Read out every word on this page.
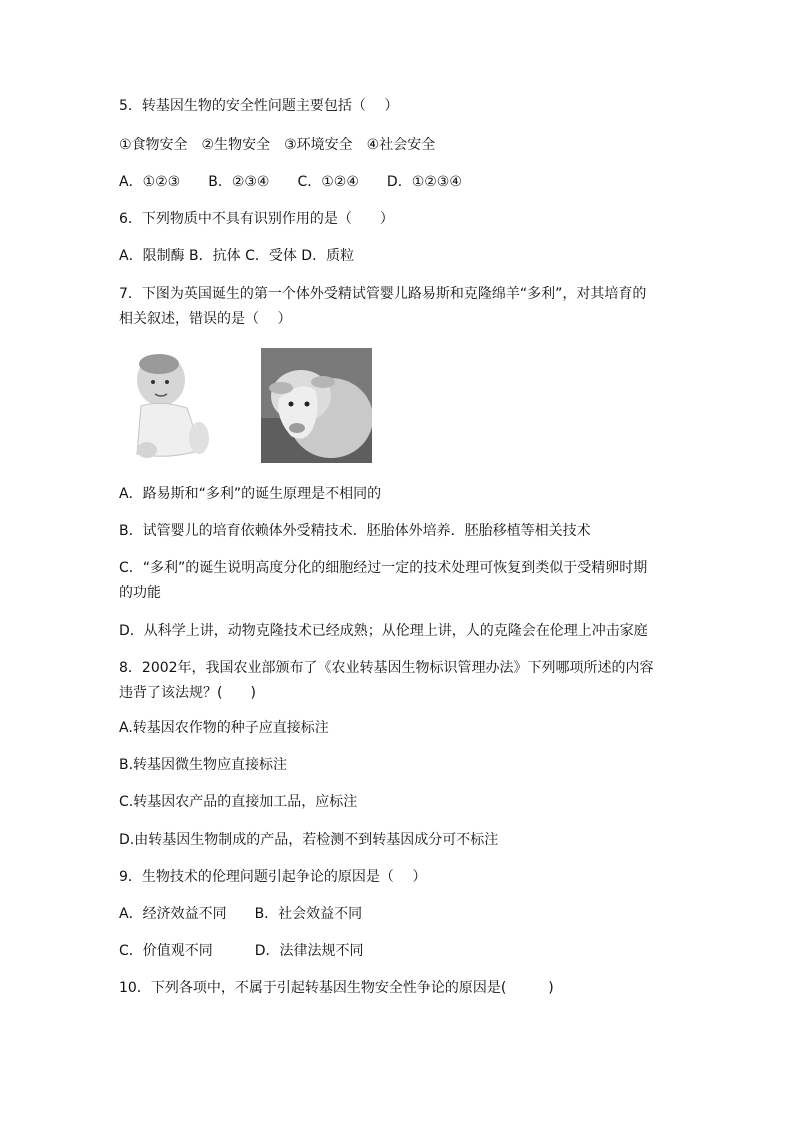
5．转基因生物的安全性问题主要包括（　 ）
①食物安全　②生物安全　③环境安全　④社会安全
A．①②③　　B．②③④　　C．①②④　　D．①②③④
6．下列物质中不具有识别作用的是（　　）
A．限制酶 B．抗体 C．受体 D．质粒
7．下图为英国诞生的第一个体外受精试管婴儿路易斯和克隆绵羊“多利”，对其培育的
相关叙述，错误的是（　 ）
A．路易斯和“多利”的诞生原理是不相同的
B．试管婴儿的培育依赖体外受精技术．胚胎体外培养．胚胎移植等相关技术
C．“多利”的诞生说明高度分化的细胞经过一定的技术处理可恢复到类似于受精卵时期
的功能
D．从科学上讲，动物克隆技术已经成熟；从伦理上讲，人的克隆会在伦理上冲击家庭
8．2002年，我国农业部颁布了《农业转基因生物标识管理办法》下列哪项所述的内容
违背了该法规？(　　)
A.转基因农作物的种子应直接标注
B.转基因微生物应直接标注
C.转基因农产品的直接加工品，应标注
D.由转基因生物制成的产品，若检测不到转基因成分可不标注
9．生物技术的伦理问题引起争论的原因是（　 ）
A．经济效益不同　　B．社会效益不同
C．价值观不同　　　D．法律法规不同
10．下列各项中，不属于引起转基因生物安全性争论的原因是(　　　)
